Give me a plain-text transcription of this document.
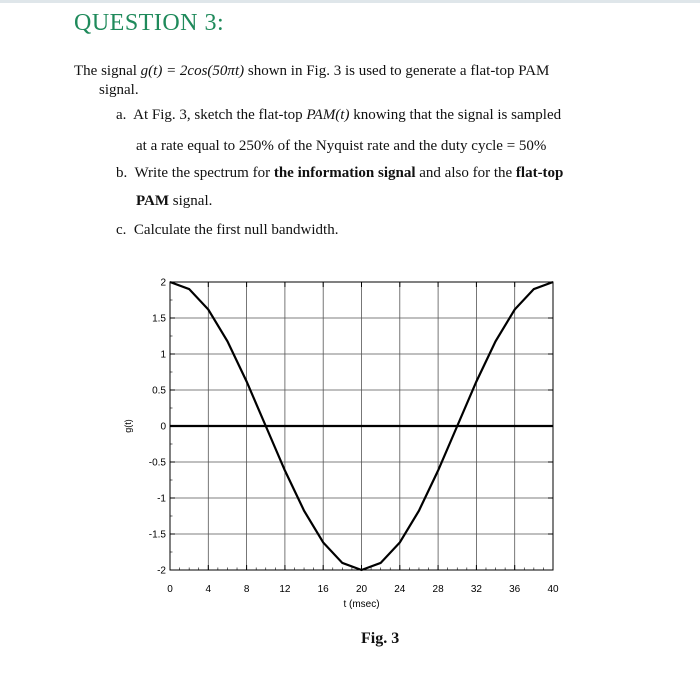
QUESTION 3:
The signal g(t) = 2cos(50πt) shown in Fig. 3 is used to generate a flat-top PAM
signal.
a. At Fig. 3, sketch the flat-top PAM(t) knowing that the signal is sampled
at a rate equal to 250% of the Nyquist rate and the duty cycle = 50%
b. Write the spectrum for the information signal and also for the flat-top
PAM signal.
c. Calculate the first null bandwidth.
0	4	8	12	16	20	24	28	32	36	40
2
1.5
1
0.5
0
-0.5
-1
-1.5
-2
t (msec)
g(t)
Fig. 3
